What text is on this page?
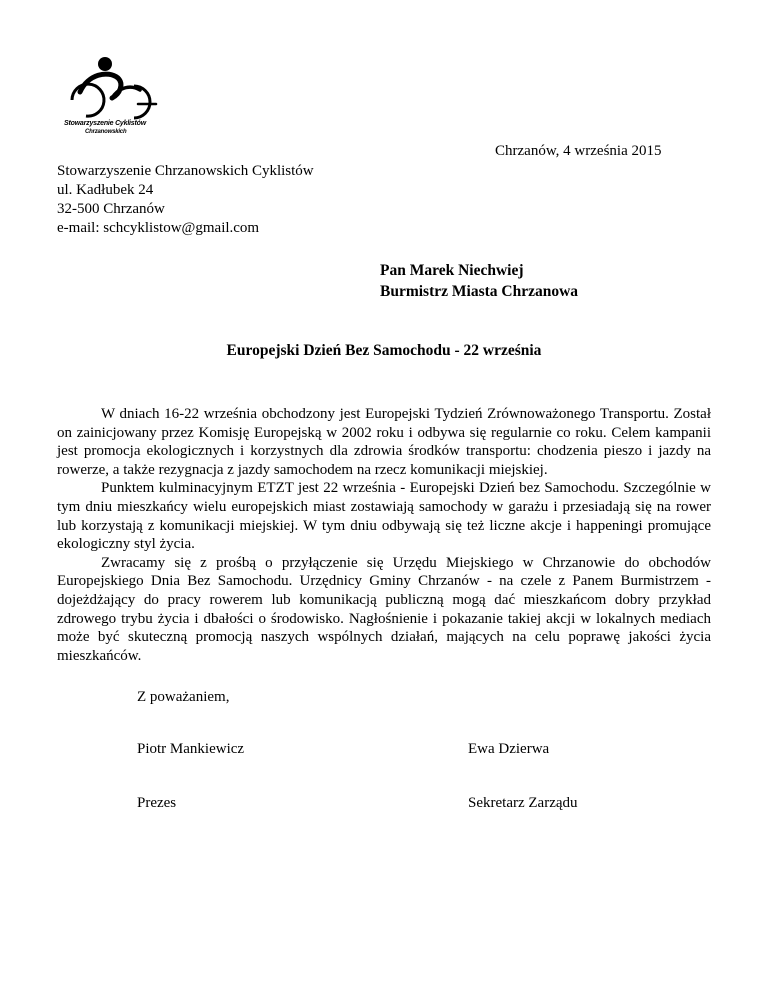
Stowarzyszenie Cyklistów
Chrzanowskich
Chrzanów, 4 września 2015
Stowarzyszenie Chrzanowskich Cyklistów
ul. Kadłubek 24
32-500 Chrzanów
e-mail: schcyklistow@gmail.com
Pan Marek Niechwiej
Burmistrz Miasta Chrzanowa
Europejski Dzień Bez Samochodu - 22 września

W dniach 16-22 września obchodzony jest Europejski Tydzień Zrównoważonego Transportu. Został on zainicjowany przez Komisję Europejską w 2002 roku i odbywa się regularnie co roku. Celem kampanii jest promocja ekologicznych i korzystnych dla zdrowia środków transportu: chodzenia pieszo i jazdy na rowerze, a także rezygnacja z jazdy samochodem na rzecz komunikacji miejskiej.

Punktem kulminacyjnym ETZT jest 22 września - Europejski Dzień bez Samochodu. Szczególnie w tym dniu mieszkańcy wielu europejskich miast zostawiają samochody w garażu i przesiadają się na rower lub korzystają z komunikacji miejskiej. W tym dniu odbywają się też liczne akcje i happeningi promujące ekologiczny styl życia.

Zwracamy się z prośbą o przyłączenie się Urzędu Miejskiego w Chrzanowie do obchodów Europejskiego Dnia Bez Samochodu. Urzędnicy Gminy Chrzanów - na czele z Panem Burmistrzem - dojeżdżający do pracy rowerem lub komunikacją publiczną mogą dać mieszkańcom dobry przykład zdrowego trybu życia i dbałości o środowisko. Nagłośnienie i pokazanie takiej akcji w lokalnych mediach może być skuteczną promocją naszych wspólnych działań, mających na celu poprawę jakości życia mieszkańców.

Z poważaniem,
Piotr Mankiewicz	Ewa Dzierwa
Prezes	Sekretarz Zarządu
